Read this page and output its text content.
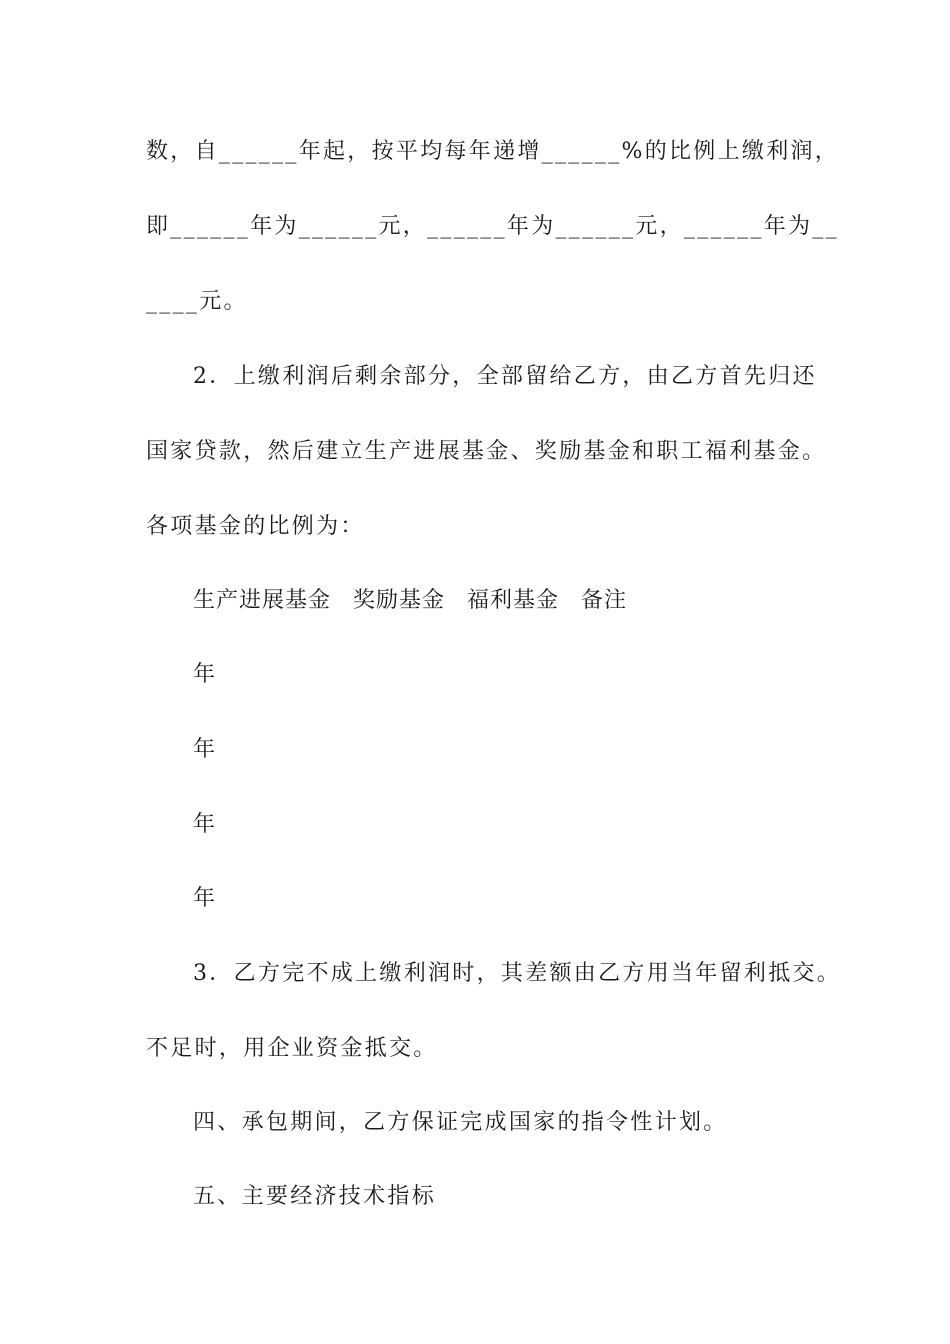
数，自______年起，按平均每年递增______%的比例上缴利润，
即______年为______元，______年为______元，______年为__
____元。
2．上缴利润后剩余部分，全部留给乙方，由乙方首先归还
国家贷款，然后建立生产进展基金、奖励基金和职工福利基金。
各项基金的比例为：
生产进展基金 奖励基金 福利基金 备注
年
年
年
年
3．乙方完不成上缴利润时，其差额由乙方用当年留利抵交。
不足时，用企业资金抵交。
四、承包期间，乙方保证完成国家的指令性计划。
五、主要经济技术指标
